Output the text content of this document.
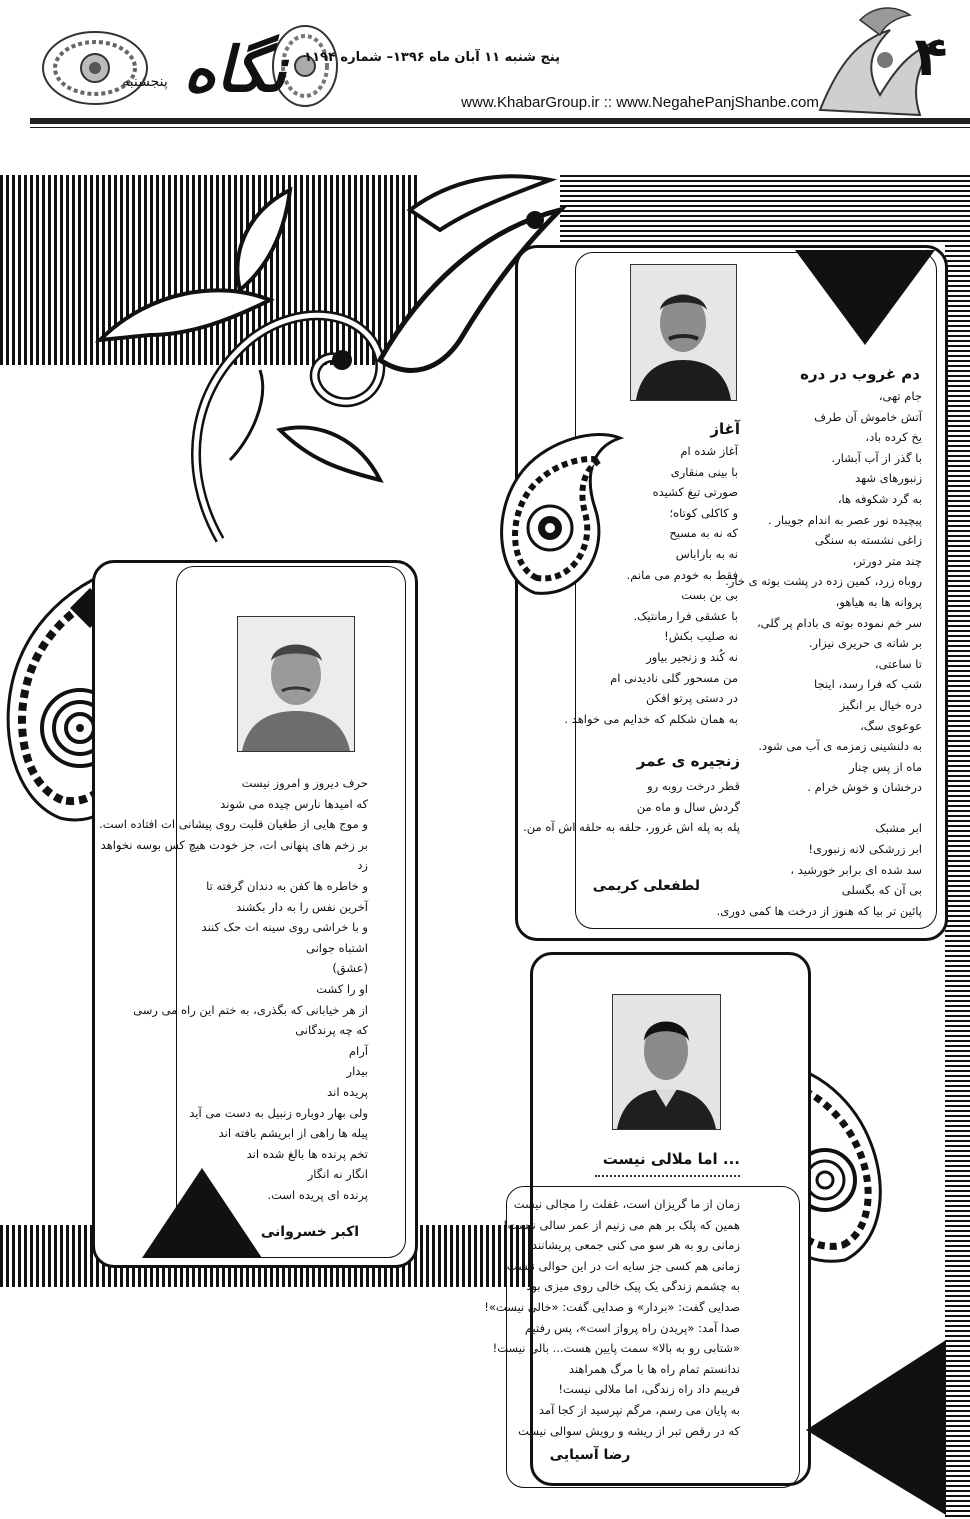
نگاه
پنجشنبه
پنج شنبه ۱۱ آبان ماه ۱۳۹۶– شماره ۱۱۹۴
www.KhabarGroup.ir :: www.NegahePanjShanbe.com
۴
دم غروب در دره
جام تهی،
آتش خاموش آن طرف
یخ کرده باد،
با گذر از آب آبشار.
زنبورهای شهد
به گرد شکوفه ها،
پیچیده نور عصر به اندام جویبار .
زاغی نشسته به سنگی
چند متر دورتر،
روباه زرد، کمین زده در پشت بوته ی خار.
پروانه ها به هیاهو،
سر خم نموده بوته ی بادام پر گلی،
بر شانه ی حریری نیزار.
تا ساعتی،
شب که فرا رسد، اینجا
دره خیال بر انگیز
عوعوی سگ،
به دلنشینی زمزمه ی آب می شود.
ماه از پس چنار
درخشان و خوش خرام .

ابر مشبک
ابر زرشکی لانه زنبوری!
سد شده ای برابر خورشید ،
بی آن که بگسلی
پائین تر بیا که هنوز از درخت ها کمی دوری.
آغاز
آغاز شده ام
با بینی منقاری
صورتی تیغ کشیده
و کاکلی کوتاه؛
که نه به مسیح
نه به باراباس
فقط به خودم می مانم.
بی بن بست
با عشقی فرا رمانتیک.
نه صلیب بکش!
نه کُند و زنجیر بیاور
من مسحور گلی نادیدنی ام
در دستی پرتو افکن
به همان شکلم که خدایم می خواهد .
زنجیره ی عمر
قطر درخت روبه رو
گردش سال و ماه من
پله به پله اش غرور، حلقه به حلقه اش آه من.
لطفعلی کریمی
حرف دیروز و امروز نیست
که امیدها نارس چیده می شوند
و موج هایی از طغیان قلبت روی پیشانی ات افتاده است.
بر زخم های پنهانی ات، جز خودت هیچ کس بوسه نخواهد
زد
و خاطره ها کفن به دندان گرفته تا
آخرین نفس را به دار بکشند
و با خراشی روی سینه ات حک کنند
اشتباه جوانی
(عشق)
او را کشت
از هر خیابانی که بگذری، به ختم این راه می رسی
که چه پرندگانی
آرام
بیدار
پریده اند
ولی بهار دوباره زنبیل به دست می آید
پیله ها راهی از ابریشم بافته اند
تخم پرنده ها بالغ شده اند
انگار نه انگار
پرنده ای پریده است.
اکبر خسروانی
... اما ملالی نیست
زمان از ما گریزان است، غفلت را مجالی نیست
همین که پلک بر هم می زنیم از عمر سالی نیست!
زمانی رو به هر سو می کنی جمعی پریشانند
زمانی هم کسی جز سایه ات در این حوالی نیست
به چشمم زندگی یک پیک خالی روی میزی بود
صدایی گفت: «بردار» و صدایی گفت: «خالی نیست»!
صدا آمد: «پریدن راه پرواز است»، پس رفتیم
«شتابی رو به بالا» سمت پایین هست... بالی نیست!
ندانستم تمام راه ها با مرگ همراهند
فریبم داد راه زندگی، اما ملالی نیست!
به پایان می رسم، مرگم نپرسید از کجا آمد
که در رقص تبر از ریشه و رویش سوالی نیست
رضا آسیایی
